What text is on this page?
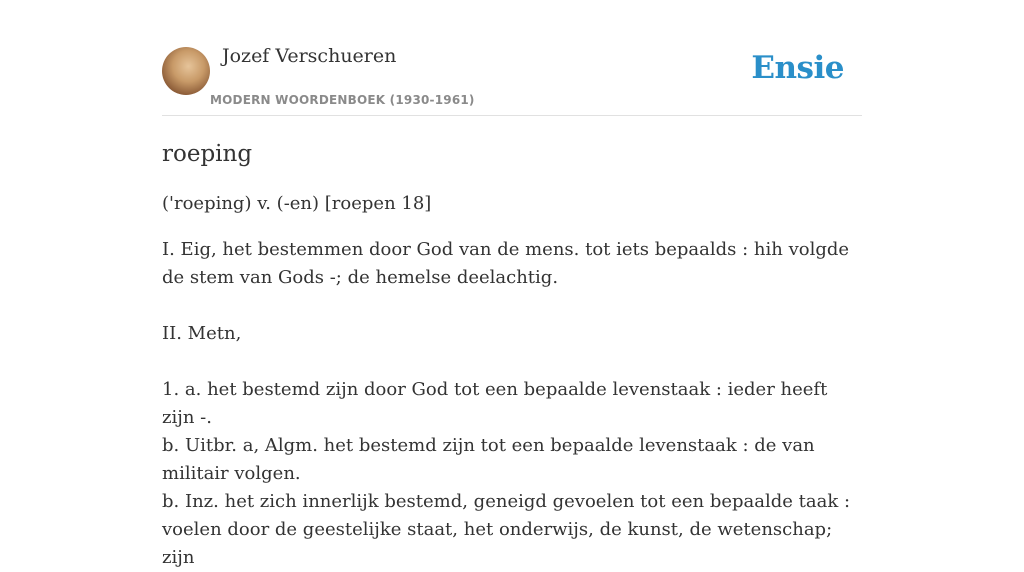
Jozef Verschueren
MODERN WOORDENBOEK (1930-1961)
Ensie
roeping

('roeping) v. (-en) [roepen 18]

I. Eig, het bestemmen door God van de mens. tot iets bepaalds : hih volgde de stem van Gods -; de hemelse deelachtig.

II. Metn,

1. a. het bestemd zijn door God tot een bepaalde levenstaak : ieder heeft zijn -.

b. Uitbr. a, Algm. het bestemd zijn tot een bepaalde levenstaak : de van militair volgen.

b. Inz. het zich innerlijk bestemd, geneigd gevoelen tot een bepaalde taak : voelen door de geestelijke staat, het onderwijs, de kunst, de wetenschap; zijn
